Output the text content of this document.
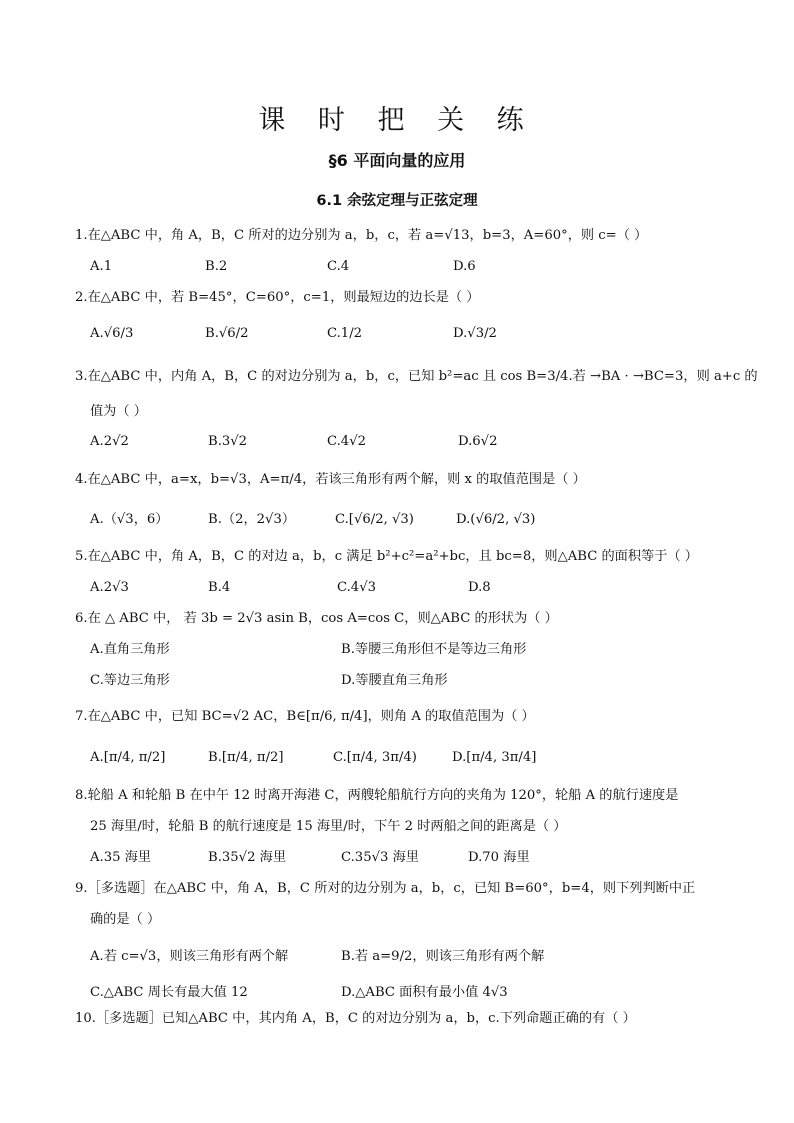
课 时 把 关 练
§6 平面向量的应用
6.1 余弦定理与正弦定理
1.在△ABC 中，角 A，B，C 所对的边分别为 a，b，c，若 a=√13，b=3，A=60°，则 c=（ ）
A.1	B.2	C.4	D.6
2.在△ABC 中，若 B=45°，C=60°，c=1，则最短边的边长是（ ）
A.√6/3	B.√6/2	C.1/2	D.√3/2
3.在△ABC 中，内角 A，B，C 的对边分别为 a，b，c，已知 b²=ac 且 cos B=3/4.若 →BA · →BC=3，则 a+c 的
值为（ ）
A.2√2	B.3√2	C.4√2	D.6√2
4.在△ABC 中，a=x，b=√3，A=π/4，若该三角形有两个解，则 x 的取值范围是（ ）
A.（√3，6）	B.（2，2√3）	C.[√6/2, √3)	D.(√6/2, √3)
5.在△ABC 中，角 A，B，C 的对边 a，b，c 满足 b²+c²=a²+bc，且 bc=8，则△ABC 的面积等于（ ）
A.2√3	B.4	C.4√3	D.8
6.在 △ ABC 中， 若 3b = 2√3 asin B，cos A=cos C，则△ABC 的形状为（ ）
A.直角三角形	B.等腰三角形但不是等边三角形
C.等边三角形	D.等腰直角三角形
7.在△ABC 中，已知 BC=√2 AC，B∈[π/6, π/4]，则角 A 的取值范围为（ ）
A.[π/4, π/2]	B.[π/4, π/2]	C.[π/4, 3π/4)	D.[π/4, 3π/4]
8.轮船 A 和轮船 B 在中午 12 时离开海港 C，两艘轮船航行方向的夹角为 120°，轮船 A 的航行速度是
25 海里/时，轮船 B 的航行速度是 15 海里/时，下午 2 时两船之间的距离是（ ）
A.35 海里	B.35√2 海里	C.35√3 海里	D.70 海里
9.［多选题］在△ABC 中，角 A，B，C 所对的边分别为 a，b，c，已知 B=60°，b=4，则下列判断中正
确的是（ ）
A.若 c=√3，则该三角形有两个解	B.若 a=9/2，则该三角形有两个解
C.△ABC 周长有最大值 12	D.△ABC 面积有最小值 4√3
10.［多选题］已知△ABC 中，其内角 A，B，C 的对边分别为 a，b，c.下列命题正确的有（ ）
